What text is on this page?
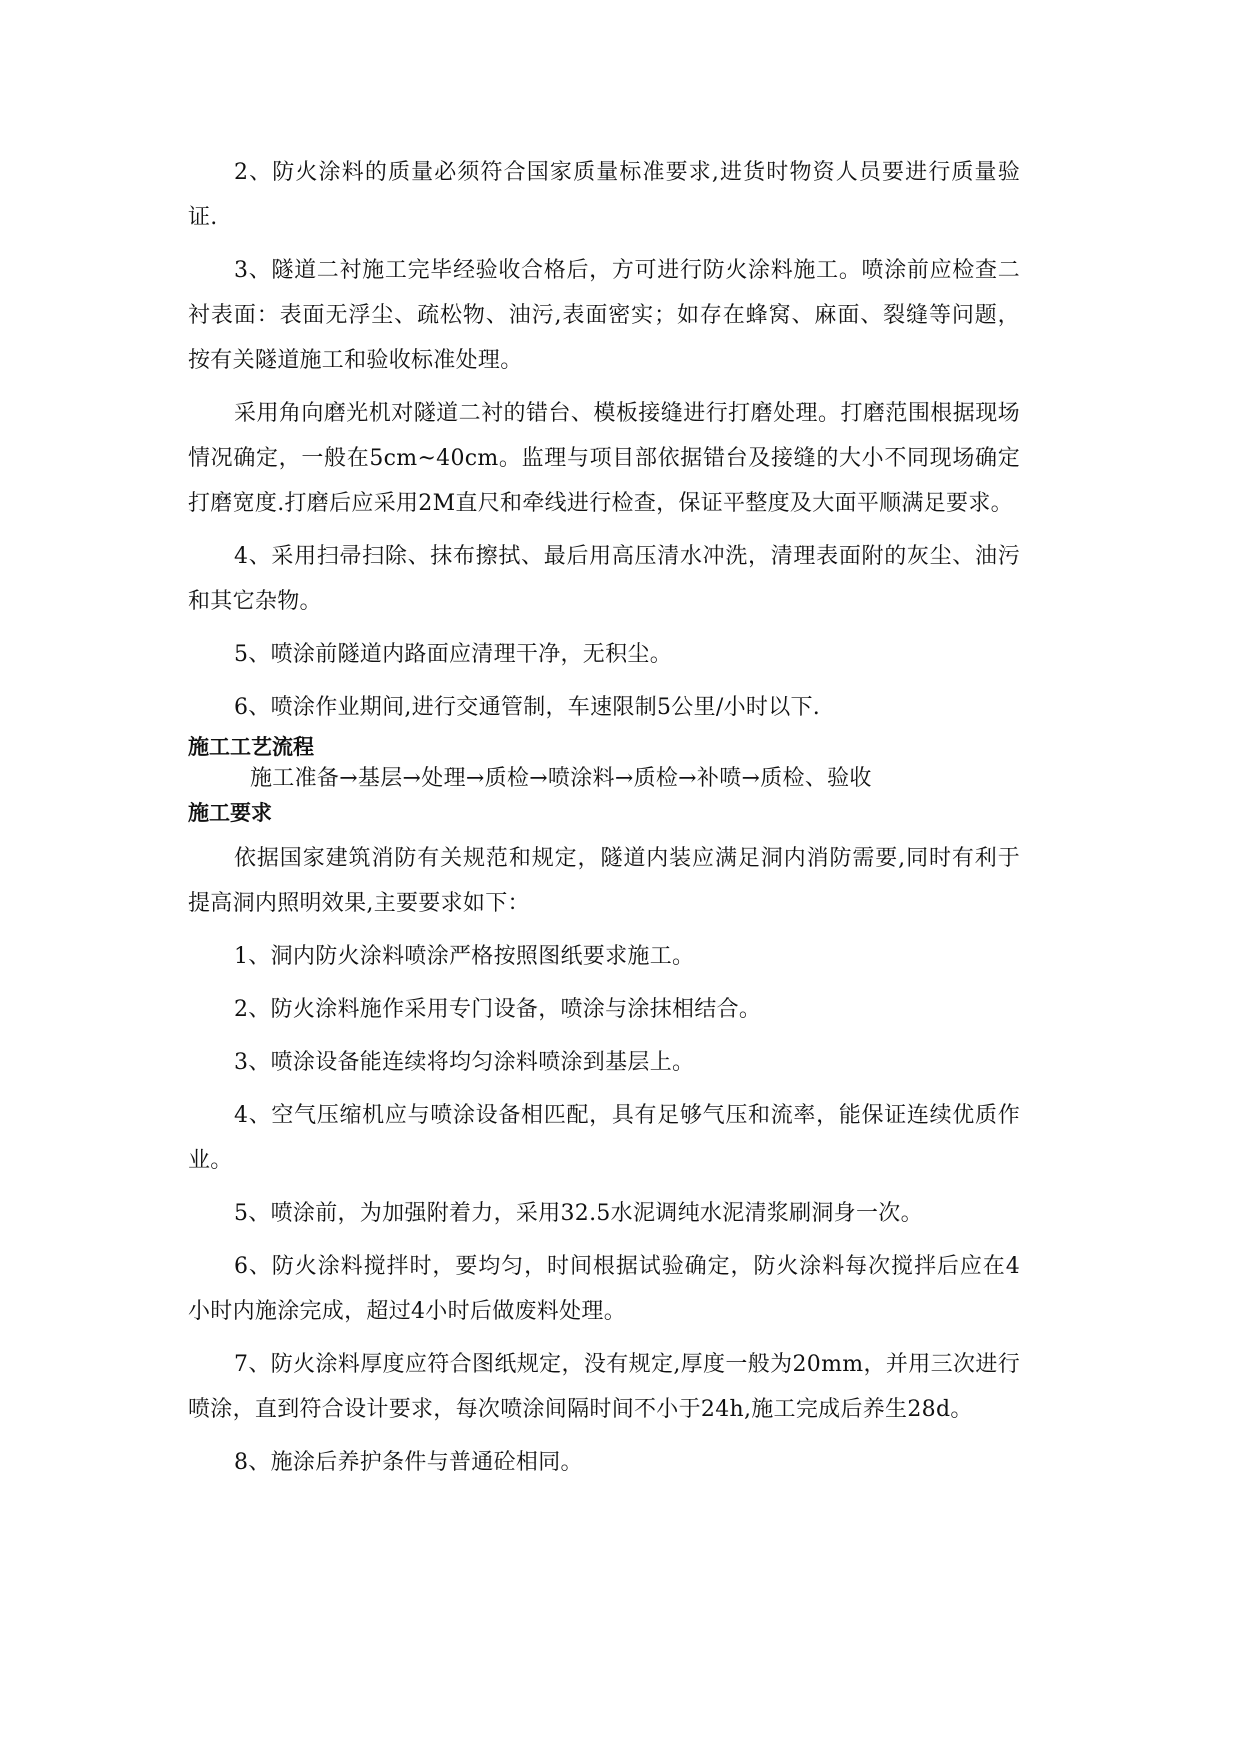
2、防火涂料的质量必须符合国家质量标准要求,进货时物资人员要进行质量验证.

3、隧道二衬施工完毕经验收合格后，方可进行防火涂料施工。喷涂前应检查二衬表面：表面无浮尘、疏松物、油污,表面密实；如存在蜂窝、麻面、裂缝等问题，按有关隧道施工和验收标准处理。

采用角向磨光机对隧道二衬的错台、模板接缝进行打磨处理。打磨范围根据现场情况确定，一般在5cm~40cm。监理与项目部依据错台及接缝的大小不同现场确定打磨宽度.打磨后应采用2M直尺和牵线进行检查，保证平整度及大面平顺满足要求。

4、采用扫帚扫除、抹布擦拭、最后用高压清水冲洗，清理表面附的灰尘、油污和其它杂物。

5、喷涂前隧道内路面应清理干净，无积尘。

6、喷涂作业期间,进行交通管制，车速限制5公里/小时以下.

施工工艺流程

施工准备→基层→处理→质检→喷涂料→质检→补喷→质检、验收

施工要求

依据国家建筑消防有关规范和规定，隧道内装应满足洞内消防需要,同时有利于提高洞内照明效果,主要要求如下：

1、洞内防火涂料喷涂严格按照图纸要求施工。

2、防火涂料施作采用专门设备，喷涂与涂抹相结合。

3、喷涂设备能连续将均匀涂料喷涂到基层上。

4、空气压缩机应与喷涂设备相匹配，具有足够气压和流率，能保证连续优质作业。

5、喷涂前，为加强附着力，采用32.5水泥调纯水泥清浆刷洞身一次。

6、防火涂料搅拌时，要均匀，时间根据试验确定，防火涂料每次搅拌后应在4小时内施涂完成，超过4小时后做废料处理。

7、防火涂料厚度应符合图纸规定，没有规定,厚度一般为20mm，并用三次进行喷涂，直到符合设计要求，每次喷涂间隔时间不小于24h,施工完成后养生28d。

8、施涂后养护条件与普通砼相同。
